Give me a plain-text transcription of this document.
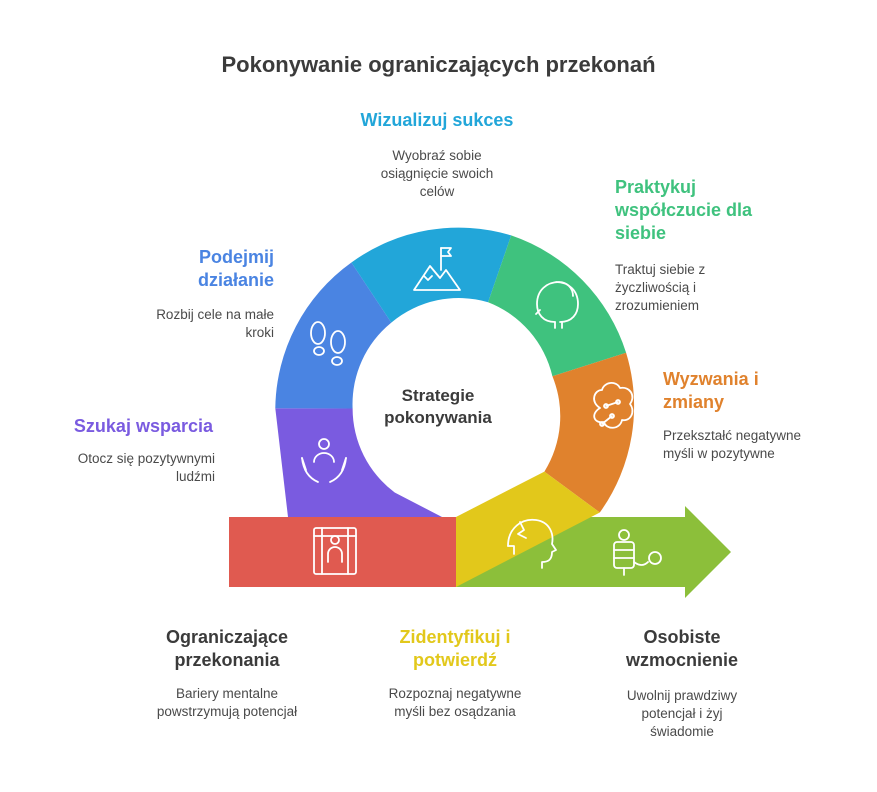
Pokonywanie ograniczających przekonań
Strategie
pokonywania
Szukaj wsparcia
Otocz się pozytywnymi
ludźmi
Podejmij
działanie
Rozbij cele na małe
kroki
Wizualizuj sukces
Wyobraź sobie
osiągnięcie swoich
celów	Praktykuj
współczucie dla
siebie
Traktuj siebie z
życzliwością i
zrozumieniem
Wyzwania i
zmiany
Przekształć negatywne
myśli w pozytywne
Ograniczające
przekonania
Bariery mentalne
powstrzymują potencjał
Zidentyfikuj i
potwierdź
Rozpoznaj negatywne
myśli bez osądzania
Osobiste
wzmocnienie
Uwolnij prawdziwy
potencjał i żyj
świadomie
